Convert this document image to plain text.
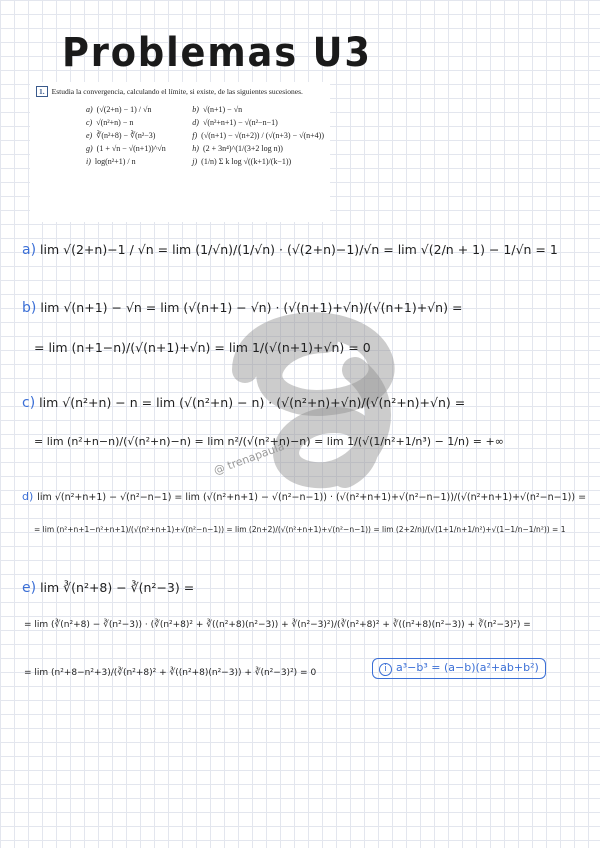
Problemas U3
1. Estudia la convergencia, calculando el límite, si existe, de las siguientes sucesiones.
a) (√(2+n) − 1) / √n	b) √(n+1) − √n
c) √(n²+n) − n	d) √(n²+n+1) − √(n²−n−1)
e) ∛(n²+8) − ∛(n²−3)	f) (√(n+1) − √(n+2)) / (√(n+3) − √(n+4))
g) (1 + √n − √(n+1))^√n	h) (2 + 3n⁴)^(1/(3+2 log n))
i) log(n²+1) / n	j) (1/n) Σ k log √((k+1)/(k−1))
@ trenapaula
a) lim √(2+n)−1 / √n = lim (1/√n)/(1/√n) · (√(2+n)−1)/√n = lim √(2/n + 1) − 1/√n = 1
b) lim √(n+1) − √n = lim (√(n+1) − √n) · (√(n+1)+√n)/(√(n+1)+√n) =
= lim (n+1−n)/(√(n+1)+√n) = lim 1/(√(n+1)+√n) = 0
c) lim √(n²+n) − n = lim (√(n²+n) − n) · (√(n²+n)+√n)/(√(n²+n)+√n) =
= lim (n²+n−n)/(√(n²+n)−n) = lim n²/(√(n²+n)−n) = lim 1/(√(1/n²+1/n³) − 1/n) = +∞
d) lim √(n²+n+1) − √(n²−n−1) = lim (√(n²+n+1) − √(n²−n−1)) · (√(n²+n+1)+√(n²−n−1))/(√(n²+n+1)+√(n²−n−1)) =
= lim (n²+n+1−n²+n+1)/(√(n²+n+1)+√(n²−n−1)) = lim (2n+2)/(√(n²+n+1)+√(n²−n−1)) = lim (2+2/n)/(√(1+1/n+1/n²)+√(1−1/n−1/n²)) = 1
e) lim ∛(n²+8) − ∛(n²−3) =
= lim (∛(n²+8) − ∛(n²−3)) · (∛(n²+8)² + ∛((n²+8)(n²−3)) + ∛(n²−3)²)/(∛(n²+8)² + ∛((n²+8)(n²−3)) + ∛(n²−3)²) =
= lim (n²+8−n²+3)/(∛(n²+8)² + ∛((n²+8)(n²−3)) + ∛(n²−3)²) = 0	i a³−b³ = (a−b)(a²+ab+b²)
